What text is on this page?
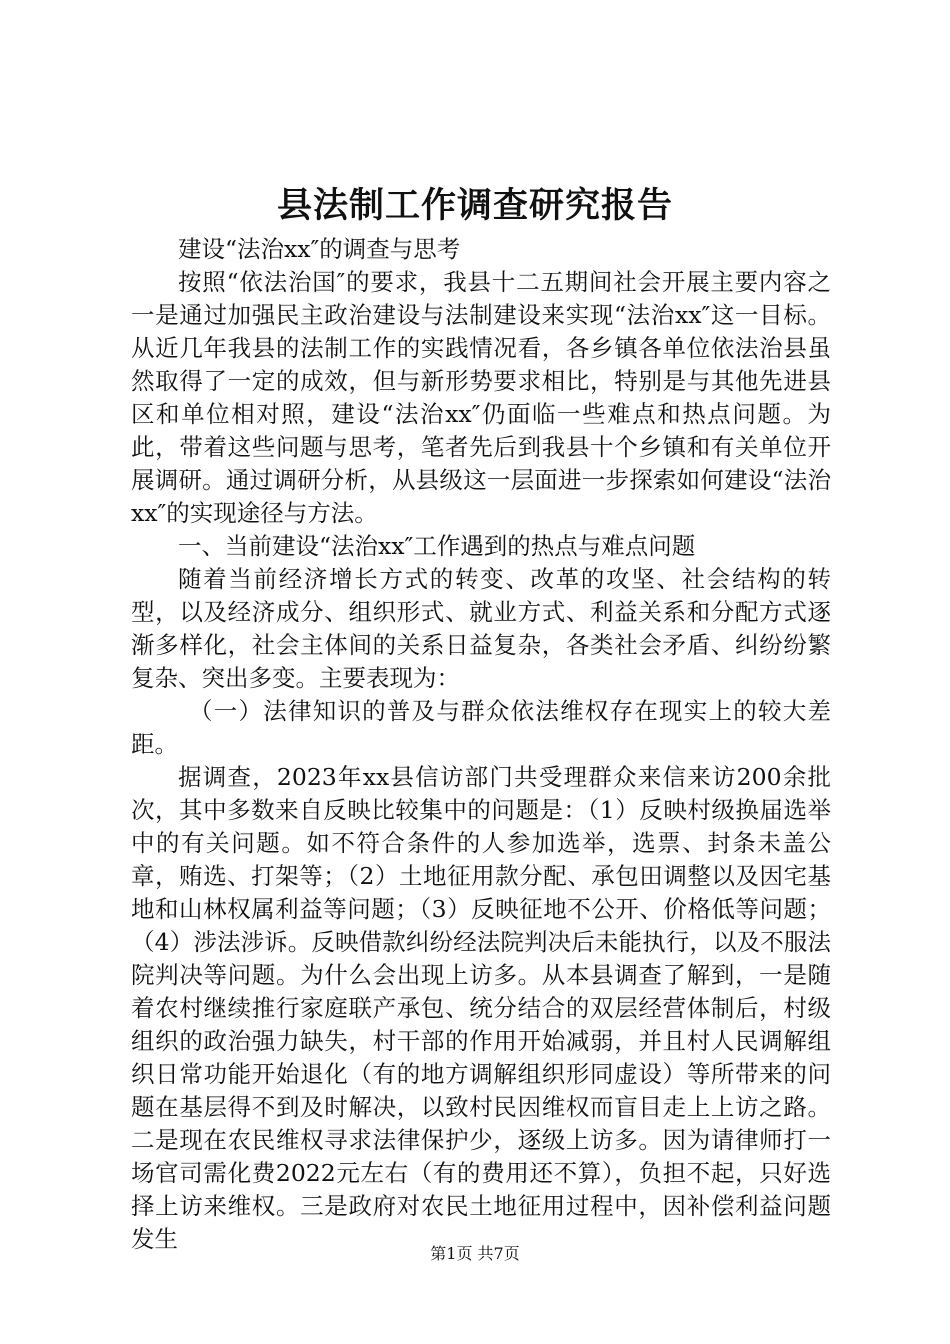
县法制工作调查研究报告

建设“法治xx″的调查与思考

按照“依法治国″的要求，我县十二五期间社会开展主要内容之一是通过加强民主政治建设与法制建设来实现“法治xx″这一目标。从近几年我县的法制工作的实践情况看，各乡镇各单位依法治县虽然取得了一定的成效，但与新形势要求相比，特别是与其他先进县区和单位相对照，建设“法治xx″仍面临一些难点和热点问题。为此，带着这些问题与思考，笔者先后到我县十个乡镇和有关单位开展调研。通过调研分析，从县级这一层面进一步探索如何建设“法治xx″的实现途径与方法。

一、当前建设“法治xx″工作遇到的热点与难点问题

随着当前经济增长方式的转变、改革的攻坚、社会结构的转型，以及经济成分、组织形式、就业方式、利益关系和分配方式逐渐多样化，社会主体间的关系日益复杂，各类社会矛盾、纠纷纷繁复杂、突出多变。主要表现为：

（一）法律知识的普及与群众依法维权存在现实上的较大差距。

据调查，2023年xx县信访部门共受理群众来信来访200余批次，其中多数来自反映比较集中的问题是：（1）反映村级换届选举中的有关问题。如不符合条件的人参加选举，选票、封条未盖公章，贿选、打架等；（2）土地征用款分配、承包田调整以及因宅基地和山林权属利益等问题；（3）反映征地不公开、价格低等问题；（4）涉法涉诉。反映借款纠纷经法院判决后未能执行，以及不服法院判决等问题。为什么会出现上访多。从本县调查了解到，一是随着农村继续推行家庭联产承包、统分结合的双层经营体制后，村级组织的政治强力缺失，村干部的作用开始减弱，并且村人民调解组织日常功能开始退化（有的地方调解组织形同虚设）等所带来的问题在基层得不到及时解决，以致村民因维权而盲目走上上访之路。二是现在农民维权寻求法律保护少，逐级上访多。因为请律师打一场官司需化费2022元左右（有的费用还不算），负担不起，只好选择上访来维权。三是政府对农民土地征用过程中，因补偿利益问题发生

第1页 共7页
